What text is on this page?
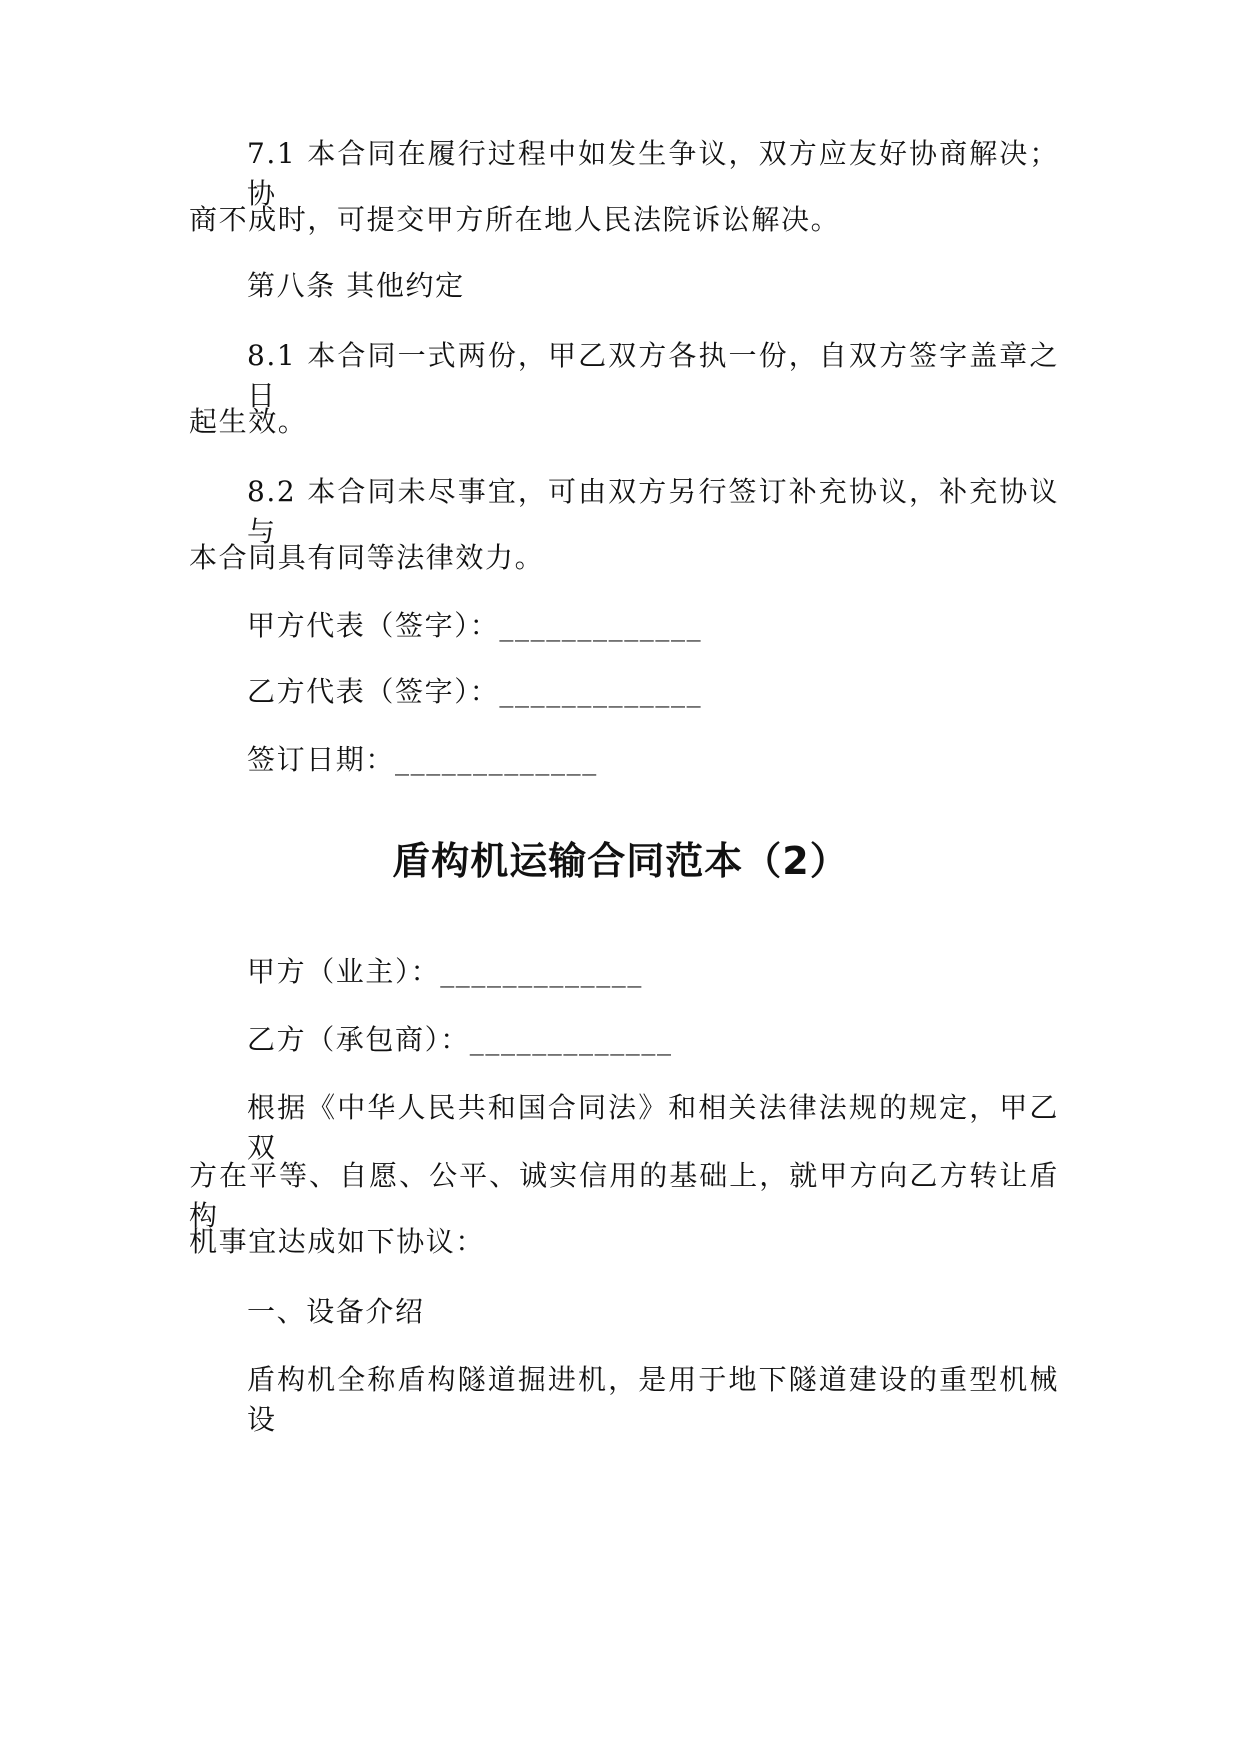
7.1 本合同在履行过程中如发生争议，双方应友好协商解决；协
商不成时，可提交甲方所在地人民法院诉讼解决。
第八条 其他约定
8.1 本合同一式两份，甲乙双方各执一份，自双方签字盖章之日
起生效。
8.2 本合同未尽事宜，可由双方另行签订补充协议，补充协议与
本合同具有同等法律效力。
甲方代表（签字）：_____________
乙方代表（签字）：_____________
签订日期：_____________
盾构机运输合同范本（2）
甲方（业主）：_____________
乙方（承包商）：_____________
根据《中华人民共和国合同法》和相关法律法规的规定，甲乙双
方在平等、自愿、公平、诚实信用的基础上，就甲方向乙方转让盾构
机事宜达成如下协议：
一、设备介绍
盾构机全称盾构隧道掘进机，是用于地下隧道建设的重型机械设
